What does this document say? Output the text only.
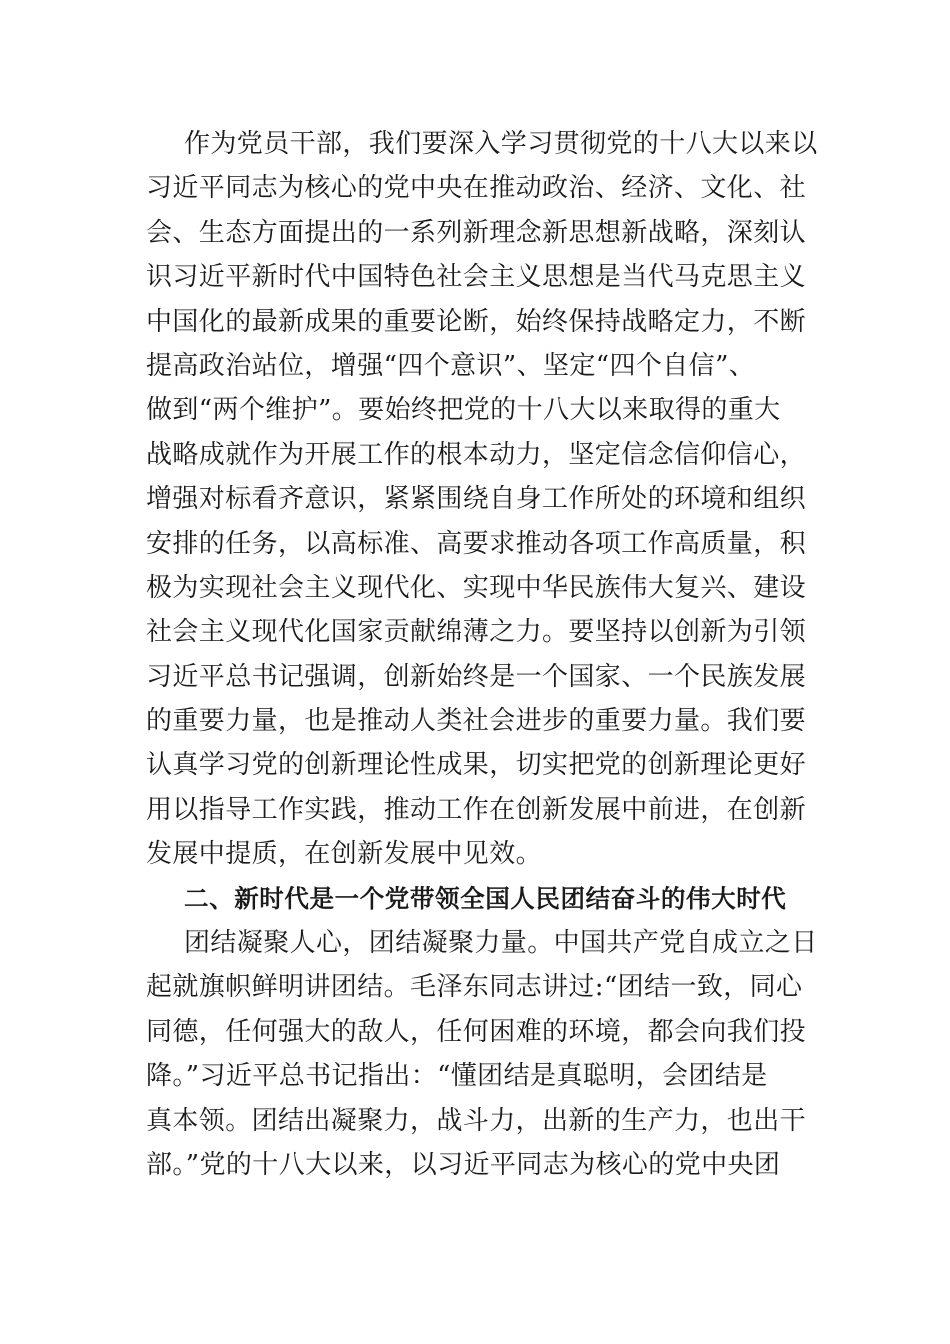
作为党员干部，我们要深入学习贯彻党的十八大以来以
习近平同志为核心的党中央在推动政治、经济、文化、社
会、生态方面提出的一系列新理念新思想新战略，深刻认
识习近平新时代中国特色社会主义思想是当代马克思主义
中国化的最新成果的重要论断，始终保持战略定力，不断
提高政治站位，增强“四个意识”、坚定“四个自信”、
做到“两个维护”。要始终把党的十八大以来取得的重大
战略成就作为开展工作的根本动力，坚定信念信仰信心，
增强对标看齐意识，紧紧围绕自身工作所处的环境和组织
安排的任务，以高标准、高要求推动各项工作高质量，积
极为实现社会主义现代化、实现中华民族伟大复兴、建设
社会主义现代化国家贡献绵薄之力。要坚持以创新为引领
习近平总书记强调，创新始终是一个国家、一个民族发展
的重要力量，也是推动人类社会进步的重要力量。我们要
认真学习党的创新理论性成果，切实把党的创新理论更好
用以指导工作实践，推动工作在创新发展中前进，在创新
发展中提质，在创新发展中见效。
二、新时代是一个党带领全国人民团结奋斗的伟大时代
团结凝聚人心，团结凝聚力量。中国共产党自成立之日
起就旗帜鲜明讲团结。毛泽东同志讲过:“团结一致，同心
同德，任何强大的敌人，任何困难的环境，都会向我们投
降。”习近平总书记指出：“懂团结是真聪明，会团结是
真本领。团结出凝聚力，战斗力，出新的生产力，也出干
部。”党的十八大以来，以习近平同志为核心的党中央团
